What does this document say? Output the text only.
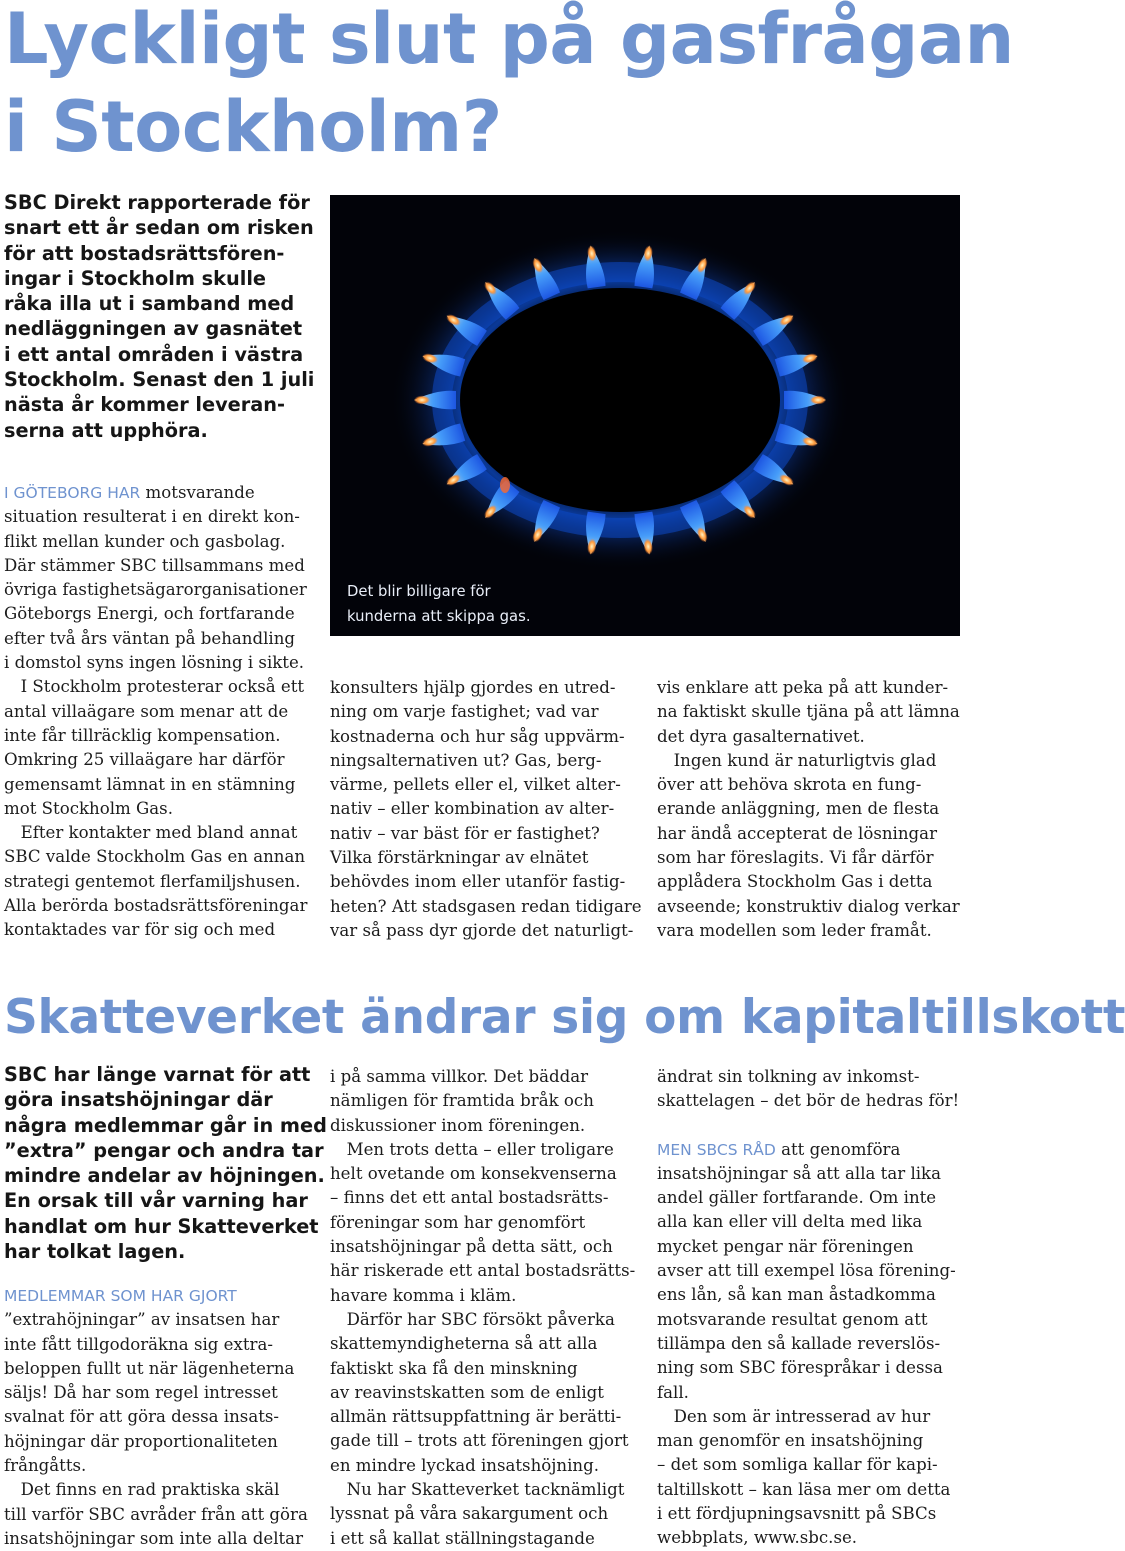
Lyckligt slut på gasfrågan
i Stockholm?
SBC Direkt rapporterade för
snart ett år sedan om risken
för att bostadsrättsfören-
ingar i Stockholm skulle
råka illa ut i samband med
nedläggningen av gasnätet
i ett antal områden i västra
Stockholm. Senast den 1 juli
nästa år kommer leveran-
serna att upphöra.
I GÖTEBORG HAR motsvarande
situation resulterat i en direkt kon-
flikt mellan kunder och gasbolag.
Där stämmer SBC tillsammans med
övriga fastighetsägarorganisationer
Göteborgs Energi, och fortfarande
efter två års väntan på behandling
i domstol syns ingen lösning i sikte.
 I Stockholm protesterar också ett
antal villaägare som menar att de
inte får tillräcklig kompensation.
Omkring 25 villaägare har därför
gemensamt lämnat in en stämning
mot Stockholm Gas.
 Efter kontakter med bland annat
SBC valde Stockholm Gas en annan
strategi gentemot flerfamiljshusen.
Alla berörda bostadsrättsföreningar
kontaktades var för sig och med

Det blir billigare för
kunderna att skippa gas.

konsulters hjälp gjordes en utred-
ning om varje fastighet; vad var
kostnaderna och hur såg uppvärm-
ningsalternativen ut? Gas, berg-
värme, pellets eller el, vilket alter-
nativ – eller kombination av alter-
nativ – var bäst för er fastighet?
Vilka förstärkningar av elnätet
behövdes inom eller utanför fastig-
heten? Att stadsgasen redan tidigare
var så pass dyr gjorde det naturligt-
vis enklare att peka på att kunder-
na faktiskt skulle tjäna på att lämna
det dyra gasalternativet.
 Ingen kund är naturligtvis glad
över att behöva skrota en fung-
erande anläggning, men de flesta
har ändå accepterat de lösningar
som har föreslagits. Vi får därför
applådera Stockholm Gas i detta
avseende; konstruktiv dialog verkar
vara modellen som leder framåt.
Skatteverket ändrar sig om kapitaltillskott
SBC har länge varnat för att
göra insatshöjningar där
några medlemmar går in med
”extra” pengar och andra tar
mindre andelar av höjningen.
En orsak till vår varning har
handlat om hur Skatteverket
har tolkat lagen.
MEDLEMMAR SOM HAR GJORT
”extrahöjningar” av insatsen har
inte fått tillgodoräkna sig extra-
beloppen fullt ut när lägenheterna
säljs! Då har som regel intresset
svalnat för att göra dessa insats-
höjningar där proportionaliteten
frångåtts.
 Det finns en rad praktiska skäl
till varför SBC avråder från att göra
insatshöjningar som inte alla deltar
i på samma villkor. Det bäddar
nämligen för framtida bråk och
diskussioner inom föreningen.
 Men trots detta – eller troligare
helt ovetande om konsekvenserna
– finns det ett antal bostadsrätts-
föreningar som har genomfört
insatshöjningar på detta sätt, och
här riskerade ett antal bostadsrätts-
havare komma i kläm.
 Därför har SBC försökt påverka
skattemyndigheterna så att alla
faktiskt ska få den minskning
av reavinstskatten som de enligt
allmän rättsuppfattning är berätti-
gade till – trots att föreningen gjort
en mindre lyckad insatshöjning.
 Nu har Skatteverket tacknämligt
lyssnat på våra sakargument och
i ett så kallat ställningstagande
ändrat sin tolkning av inkomst-
skattelagen – det bör de hedras för!
MEN SBCS RÅD att genomföra
insatshöjningar så att alla tar lika
andel gäller fortfarande. Om inte
alla kan eller vill delta med lika
mycket pengar när föreningen
avser att till exempel lösa förening-
ens lån, så kan man åstadkomma
motsvarande resultat genom att
tillämpa den så kallade reverslös-
ning som SBC förespråkar i dessa
fall.
 Den som är intresserad av hur
man genomför en insatshöjning
– det som somliga kallar för kapi-
taltillskott – kan läsa mer om detta
i ett fördjupningsavsnitt på SBCs
webbplats, www.sbc.se.
